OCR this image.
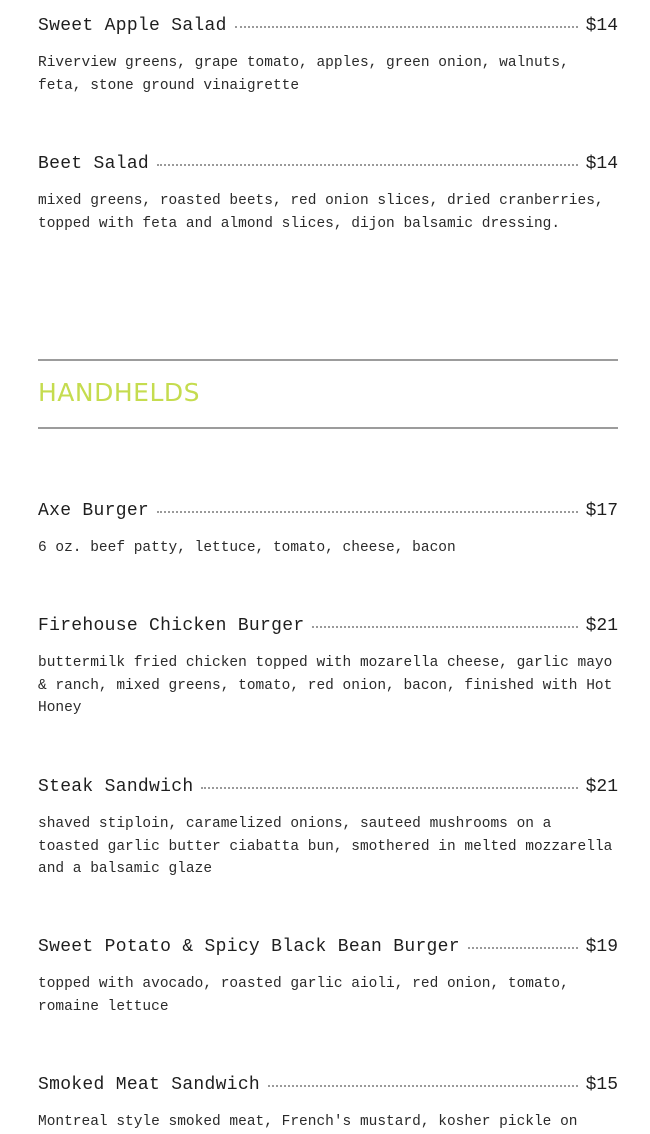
Sweet Apple Salad	$14
Riverview greens, grape tomato, apples, green onion, walnuts, feta, stone ground vinaigrette
Beet Salad	$14
mixed greens, roasted beets, red onion slices, dried cranberries, topped with feta and almond slices, dijon balsamic dressing.
HANDHELDS
Axe Burger	$17
6 oz. beef patty, lettuce, tomato, cheese, bacon
Firehouse Chicken Burger	$21
buttermilk fried chicken topped with mozarella cheese, garlic mayo & ranch, mixed greens, tomato, red onion, bacon, finished with Hot Honey
Steak Sandwich	$21
shaved stiploin, caramelized onions, sauteed mushrooms on a toasted garlic butter ciabatta bun, smothered in melted mozzarella and a balsamic glaze
Sweet Potato & Spicy Black Bean Burger	$19
topped with avocado, roasted garlic aioli, red onion, tomato, romaine lettuce
Smoked Meat Sandwich	$15
Montreal style smoked meat, French's mustard, kosher pickle on
